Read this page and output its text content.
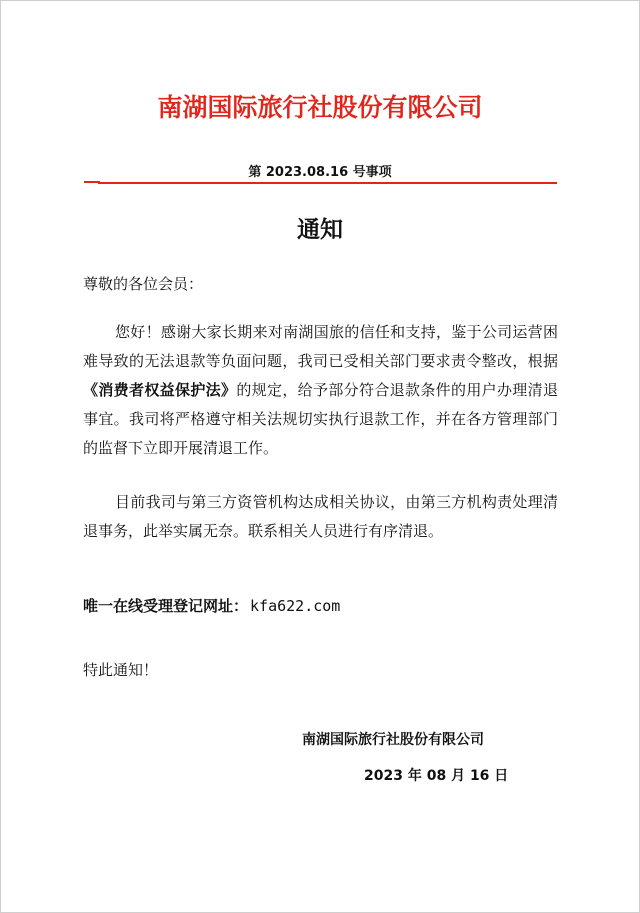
南湖国际旅行社股份有限公司
第 2023.08.16 号事项
通知
尊敬的各位会员：
您好！感谢大家长期来对南湖国旅的信任和支持，鉴于公司运营困难导致的无法退款等负面问题，我司已受相关部门要求责令整改，根据《消费者权益保护法》的规定，给予部分符合退款条件的用户办理清退事宜。我司将严格遵守相关法规切实执行退款工作，并在各方管理部门的监督下立即开展清退工作。
目前我司与第三方资管机构达成相关协议，由第三方机构责处理清退事务，此举实属无奈。联系相关人员进行有序清退。
唯一在线受理登记网址： kfa622.com
特此通知！
南湖国际旅行社股份有限公司
2023 年 08 月 16 日
